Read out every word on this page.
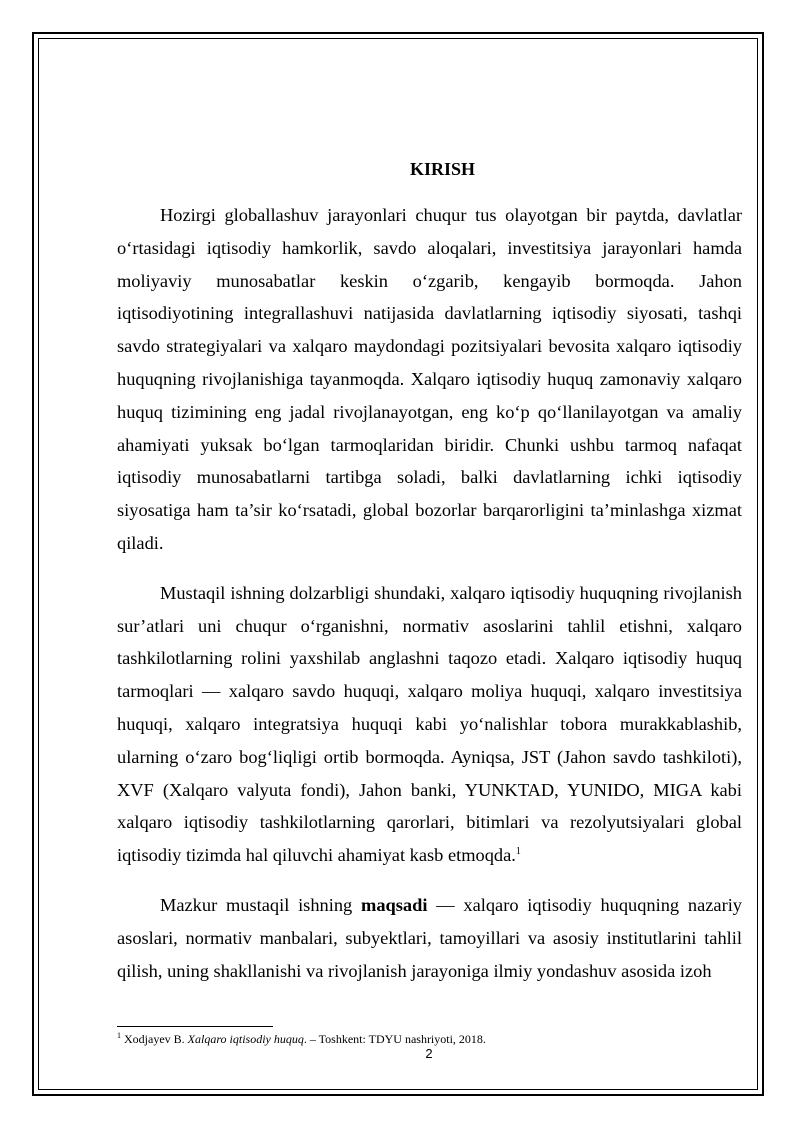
KIRISH

Hozirgi globallashuv jarayonlari chuqur tus olayotgan bir paytda, davlatlar o‘rtasidagi iqtisodiy hamkorlik, savdo aloqalari, investitsiya jarayonlari hamda moliyaviy munosabatlar keskin o‘zgarib, kengayib bormoqda. Jahon iqtisodiyotining integrallashuvi natijasida davlatlarning iqtisodiy siyosati, tashqi savdo strategiyalari va xalqaro maydondagi pozitsiyalari bevosita xalqaro iqtisodiy huquqning rivojlanishiga tayanmoqda. Xalqaro iqtisodiy huquq zamonaviy xalqaro huquq tizimining eng jadal rivojlanayotgan, eng ko‘p qo‘llanilayotgan va amaliy ahamiyati yuksak bo‘lgan tarmoqlaridan biridir. Chunki ushbu tarmoq nafaqat iqtisodiy munosabatlarni tartibga soladi, balki davlatlarning ichki iqtisodiy siyosatiga ham ta’sir ko‘rsatadi, global bozorlar barqarorligini ta’minlashga xizmat qiladi.

Mustaqil ishning dolzarbligi shundaki, xalqaro iqtisodiy huquqning rivojlanish sur’atlari uni chuqur o‘rganishni, normativ asoslarini tahlil etishni, xalqaro tashkilotlarning rolini yaxshilab anglashni taqozo etadi. Xalqaro iqtisodiy huquq tarmoqlari — xalqaro savdo huquqi, xalqaro moliya huquqi, xalqaro investitsiya huquqi, xalqaro integratsiya huquqi kabi yo‘nalishlar tobora murakkablashib, ularning o‘zaro bog‘liqligi ortib bormoqda. Ayniqsa, JST (Jahon savdo tashkiloti), XVF (Xalqaro valyuta fondi), Jahon banki, YUNKTAD, YUNIDO, MIGA kabi xalqaro iqtisodiy tashkilotlarning qarorlari, bitimlari va rezolyutsiyalari global iqtisodiy tizimda hal qiluvchi ahamiyat kasb etmoqda.$^1$

Mazkur mustaqil ishning maqsadi — xalqaro iqtisodiy huquqning nazariy asoslari, normativ manbalari, subyektlari, tamoyillari va asosiy institutlarini tahlil qilish, uning shakllanishi va rivojlanish jarayoniga ilmiy yondashuv asosida izoh

$^1$ Xodjayev B. Xalqaro iqtisodiy huquq. – Toshkent: TDYU nashriyoti, 2018.
2
